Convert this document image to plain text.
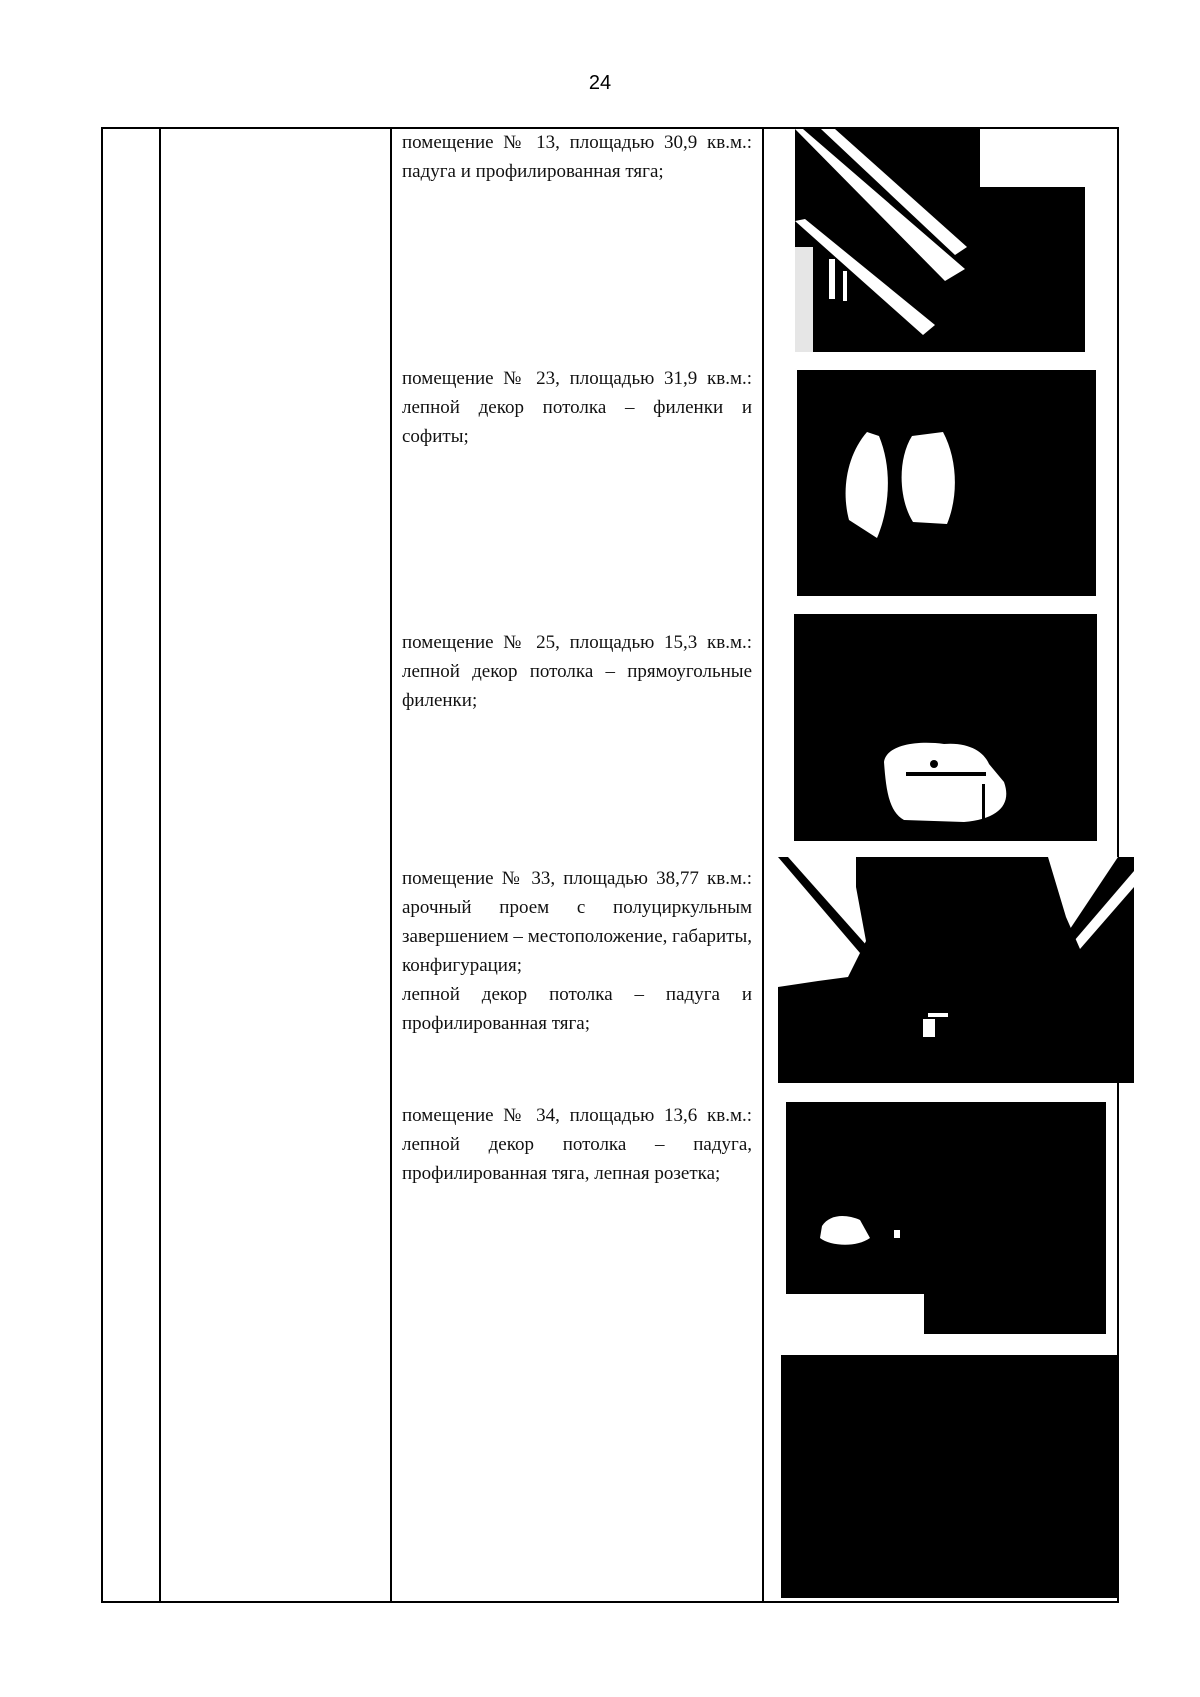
24

помещение № 13, площадью 30,9 кв.м.: падуга и профилированная тяга;

помещение № 23, площадью 31,9 кв.м.: лепной декор потолка – филенки и софиты;

помещение № 25, площадью 15,3 кв.м.: лепной декор потолка – прямоугольные филенки;

помещение № 33, площадью 38,77 кв.м.: арочный проем с полуциркульным завершением – местоположение, габариты, конфигурация;

лепной декор потолка – падуга и профилированная тяга;

помещение № 34, площадью 13,6 кв.м.: лепной декор потолка – падуга, профилированная тяга, лепная розетка;
